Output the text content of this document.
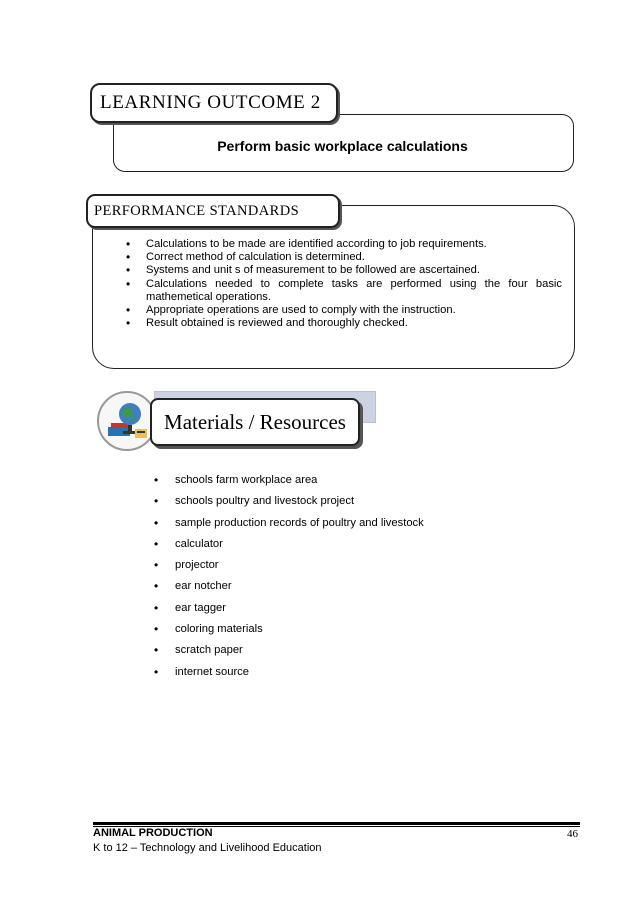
LEARNING OUTCOME 2
Perform basic workplace calculations
PERFORMANCE STANDARDS
• Calculations to be made are identified according to job requirements.
• Correct method of calculation is determined.
• Systems and unit s of measurement to be followed are ascertained.
• Calculations needed to complete tasks are performed using the four basic mathemetical operations.
• Appropriate operations are used to comply with the instruction.
• Result obtained is reviewed and thoroughly checked.
Materials / Resources
• schools farm workplace area
• schools poultry and livestock project
• sample production records of poultry and livestock
• calculator
• projector
• ear notcher
• ear tagger
• coloring materials
• scratch paper
• internet source
ANIMAL PRODUCTION	46
K to 12 – Technology and Livelihood Education
